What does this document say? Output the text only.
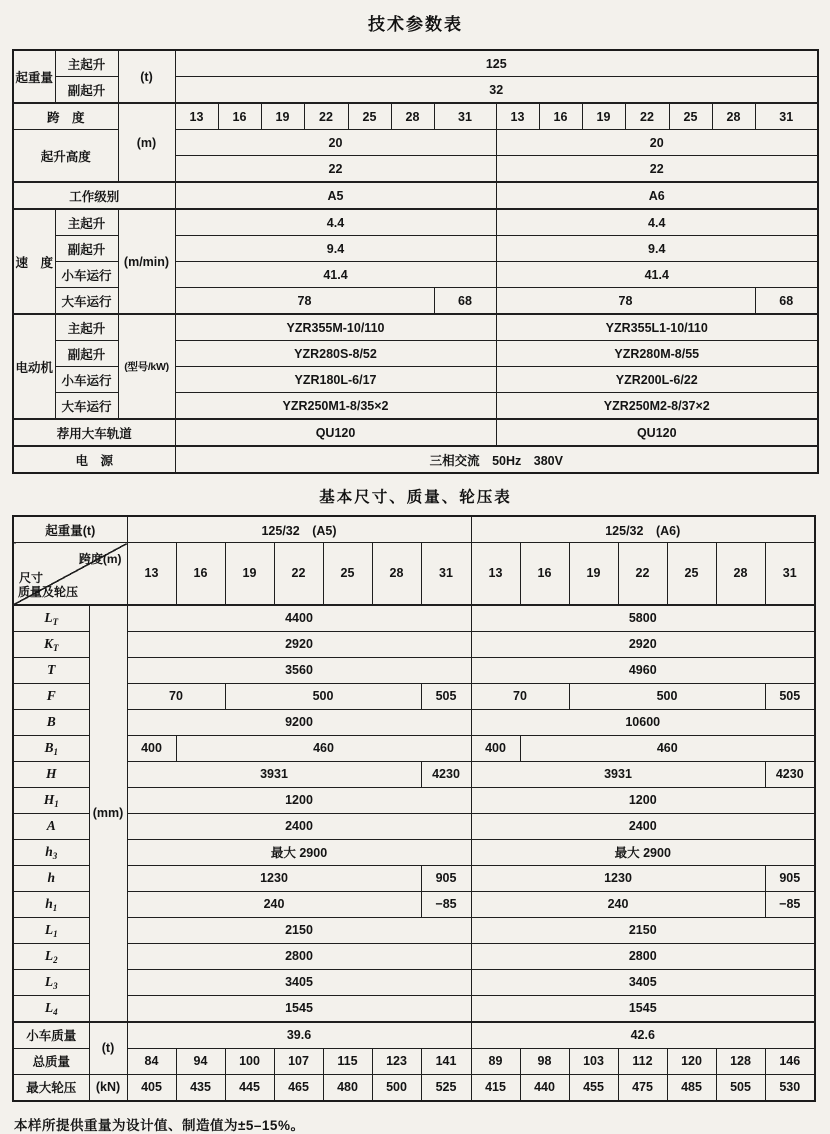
技术参数表
起重量	主起升	(t)	125													
	副起升		32													
跨　度		(m)	13	16	19	22	25	28	31	13	16	19	22	25	28	31
起升高度			20							20						
			22							22						
工作级别			A5							A6						
速　度	主起升	(m/min)	4.4							4.4						
	副起升		9.4							9.4						
	小车运行		41.4							41.4						
	大车运行		78						68	78						68
电动机	主起升	(型号/kW)	YZR355M-10/110							YZR355L1-10/110						
	副起升		YZR280S-8/52							YZR280M-8/55						
	小车运行		YZR180L-6/17							YZR200L-6/22						
	大车运行		YZR250M1-8/35×2							YZR250M2-8/37×2						
荐用大车轨道			QU120							QU120						
电　源			三相交流　50Hz　380V													
基本尺寸、质量、轮压表
起重量(t)		125/32　(A5)							125/32　(A6)						

跨度(m)
尺寸
质量及轮压		13	16	19	22	25	28	31	13	16	19	22	25	28	31
$L_T$	(mm)	4400							5800						
$K_T$		2920							2920						
T		3560							4960						
F		70		500				505	70		500				505
B		9200							10600						
$B_1$		400	460						400	460					
H		3931						4230	3931						4230
$H_1$		1200							1200						
A		2400							2400						
$h_3$		最大 2900							最大 2900						
h		1230						905	1230						905
$h_1$		240						−85	240						−85
$L_1$		2150							2150						
$L_2$		2800							2800						
$L_3$		3405							3405						
$L_4$		1545							1545						
小车质量	(t)	39.6							42.6						
总质量		84	94	100	107	115	123	141	89	98	103	112	120	128	146
最大轮压	(kN)	405	435	445	465	480	500	525	415	440	455	475	485	505	530
本样所提供重量为设计值、制造值为±5–15%。
